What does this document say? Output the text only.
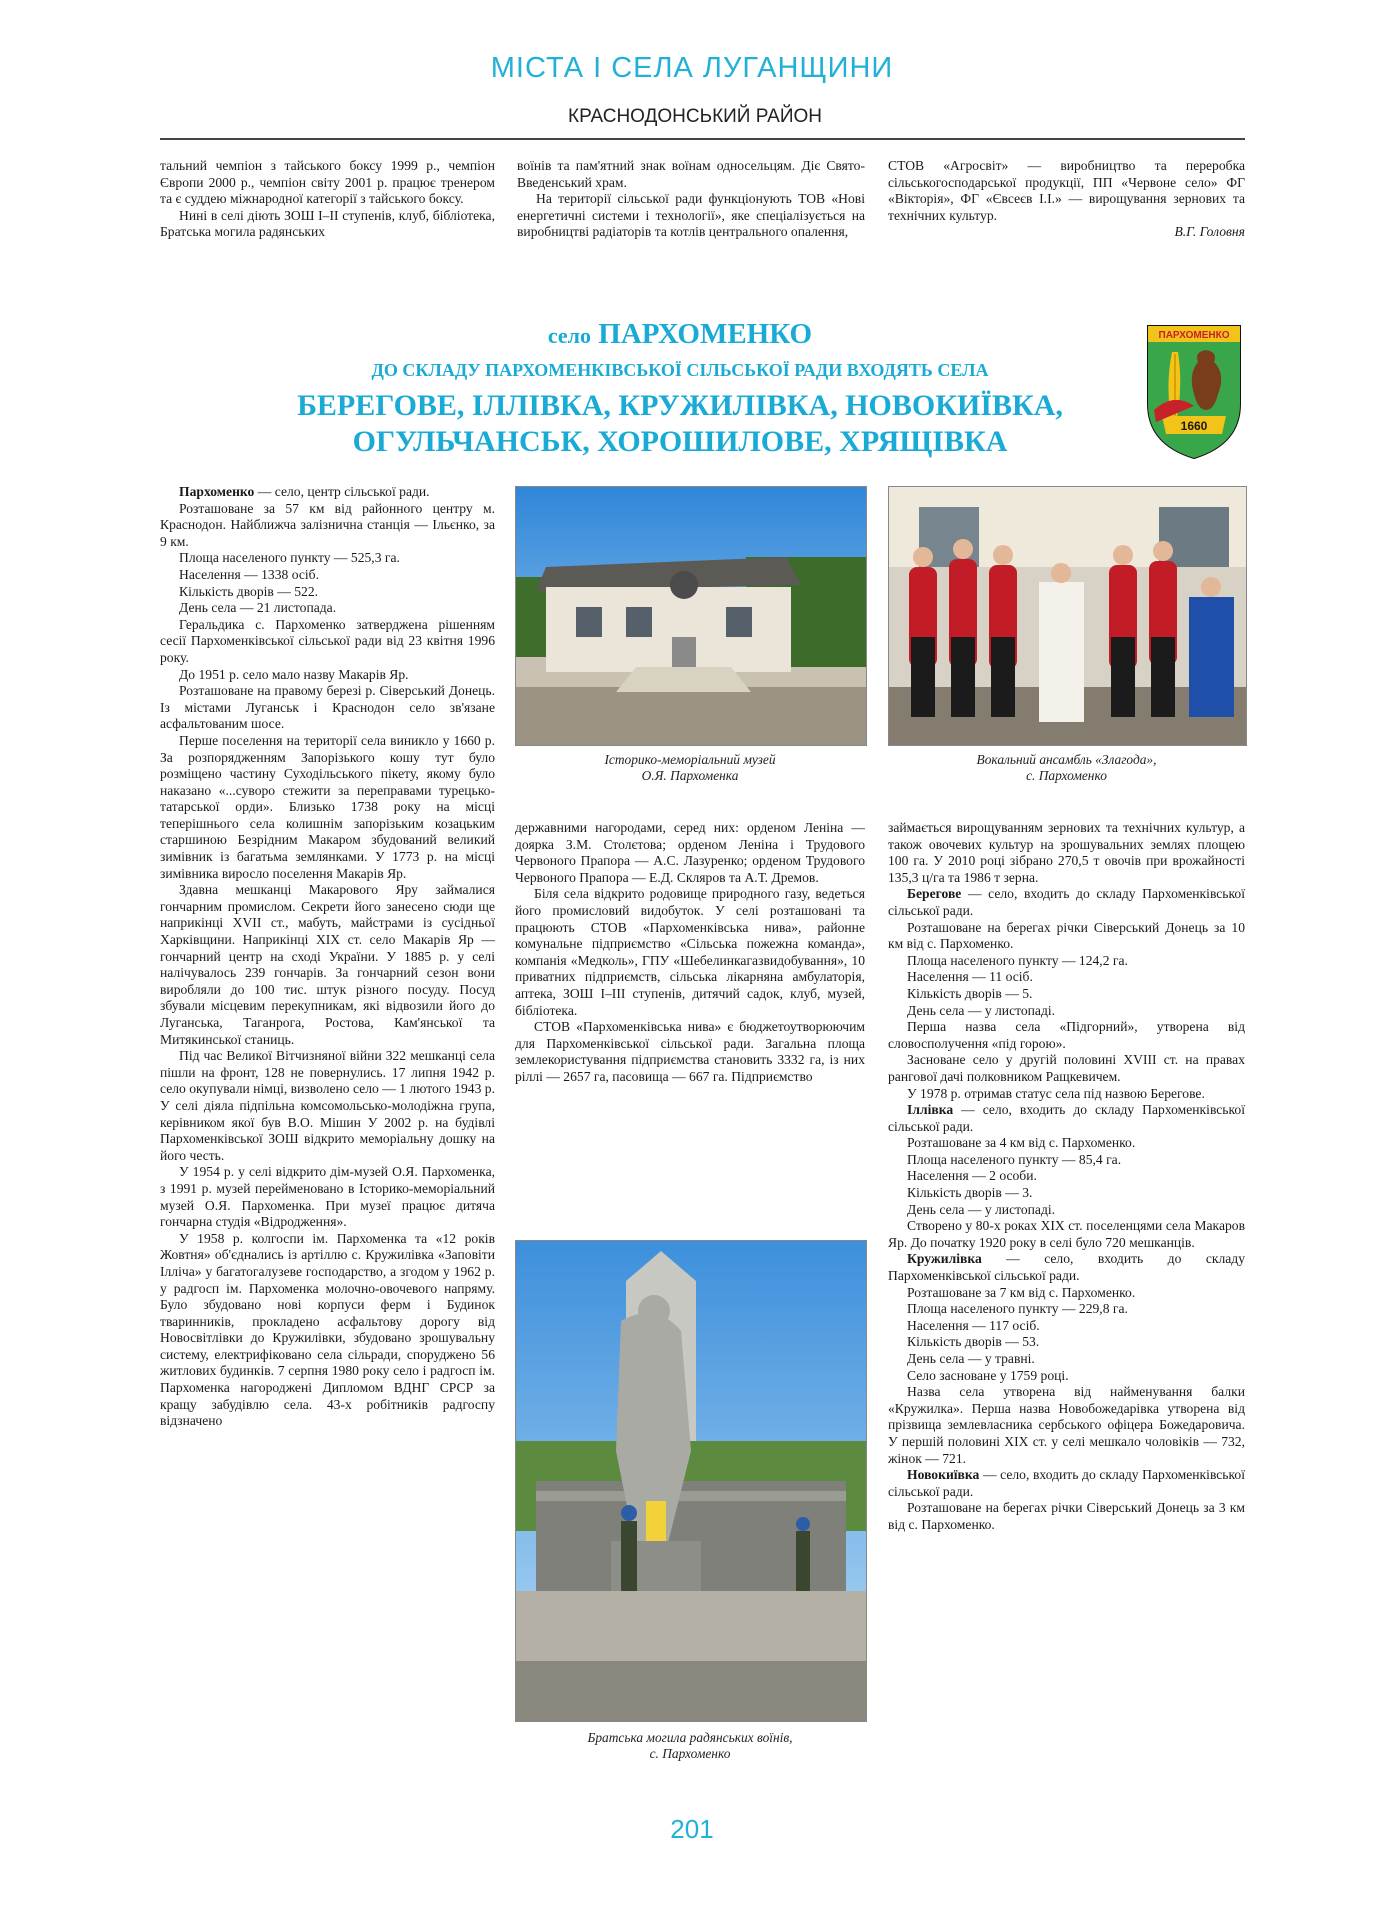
МІСТА І СЕЛА ЛУГАНЩИНИ
КРАСНОДОНСЬКИЙ РАЙОН

тальний чемпіон з тайського боксу 1999 р., чемпіон Європи 2000 р., чемпіон світу 2001 р. працює тренером та є суддею міжнародної категорії з тайського боксу.

Нині в селі діють ЗОШ І–ІІ ступенів, клуб, бібліотека, Братська могила радянських

воїнів та пам'ятний знак воїнам односельцям. Діє Свято-Введенський храм.

На території сільської ради функціонують ТОВ «Нові енергетичні системи і технології», яке спеціалізується на виробництві радіаторів та котлів центрального опалення,

СТОВ «Агросвіт» — виробництво та переробка сільськогосподарської продукції, ПП «Червоне село» ФГ «Вікторія», ФГ «Євсеєв І.І.» — вирощування зернових та технічних культур.

В.Г. Головня

село ПАРХОМЕНКО
ДО СКЛАДУ ПАРХОМЕНКІВСЬКОЇ СІЛЬСЬКОЇ РАДИ ВХОДЯТЬ СЕЛА
БЕРЕГОВЕ, ІЛЛІВКА, КРУЖИЛІВКА, НОВОКИЇВКА,
ОГУЛЬЧАНСЬК, ХОРОШИЛОВЕ, ХРЯЩІВКА
ПАРХОМЕНКО
1660

Пархоменко — село, центр сільської ради.

Розташоване за 57 км від районного центру м. Краснодон. Найближча залізнична станція — Ільєнко, за 9 км.

Площа населеного пункту — 525,3 га.

Населення — 1338 осіб.

Кількість дворів — 522.

День села — 21 листопада.

Геральдика с. Пархоменко затверджена рішенням сесії Пархоменківської сільської ради від 23 квітня 1996 року.

До 1951 р. село мало назву Макарів Яр.

Розташоване на правому березі р. Сіверський Донець. Із містами Луганськ і Краснодон село зв'язане асфальтованим шосе.

Перше поселення на території села виникло у 1660 р. За розпорядженням Запорізького кошу тут було розміщено частину Суходільського пікету, якому було наказано «...суворо стежити за переправами турецько-татарської орди». Близько 1738 року на місці теперішнього села колишнім запорізьким козацьким старшиною Безрідним Макаром збудований великий зимівник із багатьма землянками. У 1773 р. на місці зимівника виросло поселення Макарів Яр.

Здавна мешканці Макарового Яру займалися гончарним промислом. Секрети його занесено сюди ще наприкінці XVII ст., мабуть, майстрами із сусідньої Харківщини. Наприкінці XIX ст. село Макарів Яр — гончарний центр на сході України. У 1885 р. у селі налічувалось 239 гончарів. За гончарний сезон вони виробляли до 100 тис. штук різного посуду. Посуд збували місцевим перекупникам, які відвозили його до Луганська, Таганрога, Ростова, Кам'янської та Митякинської станиць.

Під час Великої Вітчизняної війни 322 мешканці села пішли на фронт, 128 не повернулись. 17 липня 1942 р. село окупували німці, визволено село — 1 лютого 1943 р. У селі діяла підпільна комсомольсько-молодіжна група, керівником якої був В.О. Мішин У 2002 р. на будівлі Пархоменківської ЗОШ відкрито меморіальну дошку на його честь.

У 1954 р. у селі відкрито дім-музей О.Я. Пархоменка, з 1991 р. музей перейменовано в Історико-меморіальний музей О.Я. Пархоменка. При музеї працює дитяча гончарна студія «Відродження».

У 1958 р. колгоспи ім. Пархоменка та «12 років Жовтня» об'єднались із артіллю с. Кружилівка «Заповіти Ілліча» у багатогалузеве господарство, а згодом у 1962 р. у радгосп ім. Пархоменка молочно-овочевого напряму. Було збудовано нові корпуси ферм і Будинок тваринників, прокладено асфальтову дорогу від Новосвітлівки до Кружилівки, збудовано зрошувальну систему, електрифіковано села сільради, споруджено 56 житлових будинків. 7 серпня 1980 року село і радгосп ім. Пархоменка нагороджені Дипломом ВДНГ СРСР за кращу забудівлю села. 43-х робітників радгоспу відзначено

Історико-меморіальний музей
О.Я. Пархоменка
Вокальний ансамбль «Злагода»,
с. Пархоменко

державними нагородами, серед них: орденом Леніна — доярка З.М. Столєтова; орденом Леніна і Трудового Червоного Прапора — А.С. Лазуренко; орденом Трудового Червоного Прапора — Е.Д. Скляров та А.Т. Дремов.

Біля села відкрито родовище природного газу, ведеться його промисловий видобуток. У селі розташовані та працюють СТОВ «Пархоменківська нива», районне комунальне підприємство «Сільська пожежна команда», компанія «Медколь», ГПУ «Шебелинкагазвидобування», 10 приватних підприємств, сільська лікарняна амбулаторія, аптека, ЗОШ І–ІІІ ступенів, дитячий садок, клуб, музей, бібліотека.

СТОВ «Пархоменківська нива» є бюджетоутворюючим для Пархоменківської сільської ради. Загальна площа землекористування підприємства становить 3332 га, із них ріллі — 2657 га, пасовища — 667 га. Підприємство

Братська могила радянських воїнів,
с. Пархоменко

займається вирощуванням зернових та технічних культур, а також овочевих культур на зрошувальних землях площею 100 га. У 2010 році зібрано 270,5 т овочів при врожайності 135,3 ц/га та 1986 т зерна.

Берегове — село, входить до складу Пархоменківської сільської ради.

Розташоване на берегах річки Сіверський Донець за 10 км від с. Пархоменко.

Площа населеного пункту — 124,2 га.

Населення — 11 осіб.

Кількість дворів — 5.

День села — у листопаді.

Перша назва села «Підгорний», утворена від словосполучення «під горою».

Засноване село у другій половині XVIII ст. на правах рангової дачі полковником Ращкевичем.

У 1978 р. отримав статус села під назвою Берегове.

Іллівка — село, входить до складу Пархоменківської сільської ради.

Розташоване за 4 км від с. Пархоменко.

Площа населеного пункту — 85,4 га.

Населення — 2 особи.

Кількість дворів — 3.

День села — у листопаді.

Створено у 80-х роках XIX ст. поселенцями села Макаров Яр. До початку 1920 року в селі було 720 мешканців.

Кружилівка — село, входить до складу Пархоменківської сільської ради.

Розташоване за 7 км від с. Пархоменко.

Площа населеного пункту — 229,8 га.

Населення — 117 осіб.

Кількість дворів — 53.

День села — у травні.

Село засноване у 1759 році.

Назва села утворена від найменування балки «Кружилка». Перша назва Новобожедарівка утворена від прізвища землевласника сербського офіцера Божедаровича. У першій половині XIX ст. у селі мешкало чоловіків — 732, жінок — 721.

Новокиївка — село, входить до складу Пархоменківської сільської ради.

Розташоване на берегах річки Сіверський Донець за 3 км від с. Пархоменко.

201
